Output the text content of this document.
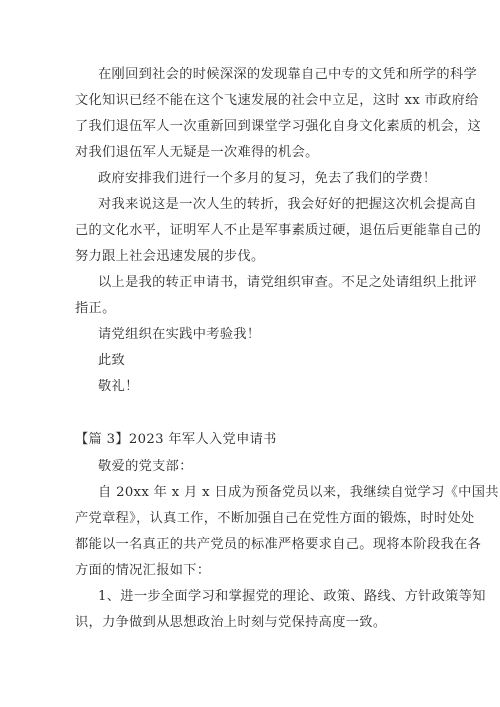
在刚回到社会的时候深深的发现靠自己中专的文凭和所学的科学
文化知识已经不能在这个飞速发展的社会中立足，这时 xx 市政府给
了我们退伍军人一次重新回到课堂学习强化自身文化素质的机会，这
对我们退伍军人无疑是一次难得的机会。
政府安排我们进行一个多月的复习，免去了我们的学费！
对我来说这是一次人生的转折，我会好好的把握这次机会提高自
己的文化水平，证明军人不止是军事素质过硬，退伍后更能靠自己的
努力跟上社会迅速发展的步伐。
以上是我的转正申请书，请党组织审查。不足之处请组织上批评
指正。
请党组织在实践中考验我！
此致
敬礼！
【篇 3】2023 年军人入党申请书
敬爱的党支部：
自 20xx 年 x 月 x 日成为预备党员以来，我继续自觉学习《中国共
产党章程》，认真工作，不断加强自己在党性方面的锻炼，时时处处
都能以一名真正的共产党员的标准严格要求自己。现将本阶段我在各
方面的情况汇报如下：
1、进一步全面学习和掌握党的理论、政策、路线、方针政策等知
识，力争做到从思想政治上时刻与党保持高度一致。
